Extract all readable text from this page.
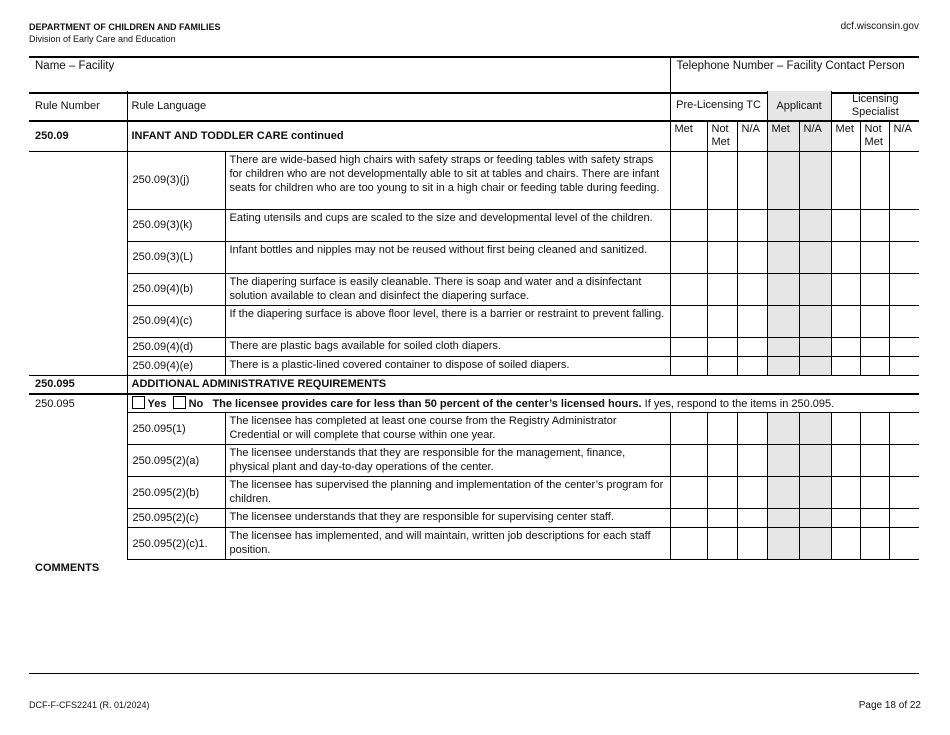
DEPARTMENT OF CHILDREN AND FAMILIES
Division of Early Care and Education
dcf.wisconsin.gov
Name – Facility	Telephone Number – Facility Contact Person
Rule Number	Rule Language		Pre-Licensing TC			Applicant		Licensing Specialist		
250.09	INFANT AND TODDLER CARE continued		Met	Not Met	N/A	Met	N/A	Met	Not Met	N/A
	250.09(3)(j)	There are wide-based high chairs with safety straps or feeding tables with safety straps for children who are not developmentally able to sit at tables and chairs. There are infant seats for children who are too young to sit in a high chair or feeding table during feeding.								
	250.09(3)(k)	Eating utensils and cups are scaled to the size and developmental level of the children.								
	250.09(3)(L)	Infant bottles and nipples may not be reused without first being cleaned and sanitized.								
	250.09(4)(b)	The diapering surface is easily cleanable. There is soap and water and a disinfectant solution available to clean and disinfect the diapering surface.								
	250.09(4)(c)	If the diapering surface is above floor level, there is a barrier or restraint to prevent falling.								
	250.09(4)(d)	There are plastic bags available for soiled cloth diapers.								
	250.09(4)(e)	There is a plastic-lined covered container to dispose of soiled diapers.								
250.095	ADDITIONAL ADMINISTRATIVE REQUIREMENTS									
250.095	Yes No The licensee provides care for less than 50 percent of the center’s licensed hours. If yes, respond to the items in 250.095.									
	250.095(1)	The licensee has completed at least one course from the Registry Administrator Credential or will complete that course within one year.								
	250.095(2)(a)	The licensee understands that they are responsible for the management, finance, physical plant and day-to-day operations of the center.								
	250.095(2)(b)	The licensee has supervised the planning and implementation of the center’s program for children.								
	250.095(2)(c)	The licensee understands that they are responsible for supervising center staff.								
	250.095(2)(c)1.	The licensee has implemented, and will maintain, written job descriptions for each staff position.								
COMMENTS
DCF-F-CFS2241 (R. 01/2024)	Page 18 of 22
